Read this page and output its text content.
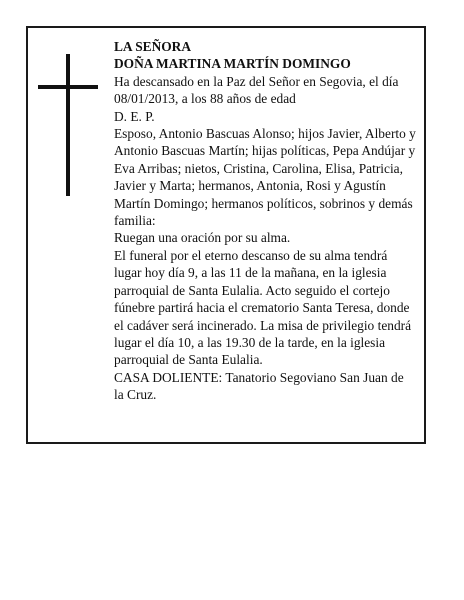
LA SEÑORA

DOÑA MARTINA MARTÍN DOMINGO

Ha descansado en la Paz del Señor en Segovia, el día 08/01/2013, a los 88 años de edad

D. E. P.

Esposo, Antonio Bascuas Alonso; hijos Javier, Alberto y Antonio Bascuas Martín; hijas políticas, Pepa Andújar y Eva Arribas; nietos, Cristina, Carolina, Elisa, Patricia, Javier y Marta; hermanos, Antonia, Rosi y Agustín Martín Domingo; hermanos políticos, sobrinos y demás familia:

Ruegan una oración por su alma.

El funeral por el eterno descanso de su alma tendrá lugar hoy día 9, a las 11 de la mañana, en la iglesia parroquial de Santa Eulalia. Acto seguido el cortejo fúnebre partirá hacia el crematorio Santa Teresa, donde el cadáver será incinerado. La misa de privilegio tendrá lugar el día 10, a las 19.30 de la tarde, en la iglesia parroquial de Santa Eulalia.

CASA DOLIENTE: Tanatorio Segoviano San Juan de la Cruz.
